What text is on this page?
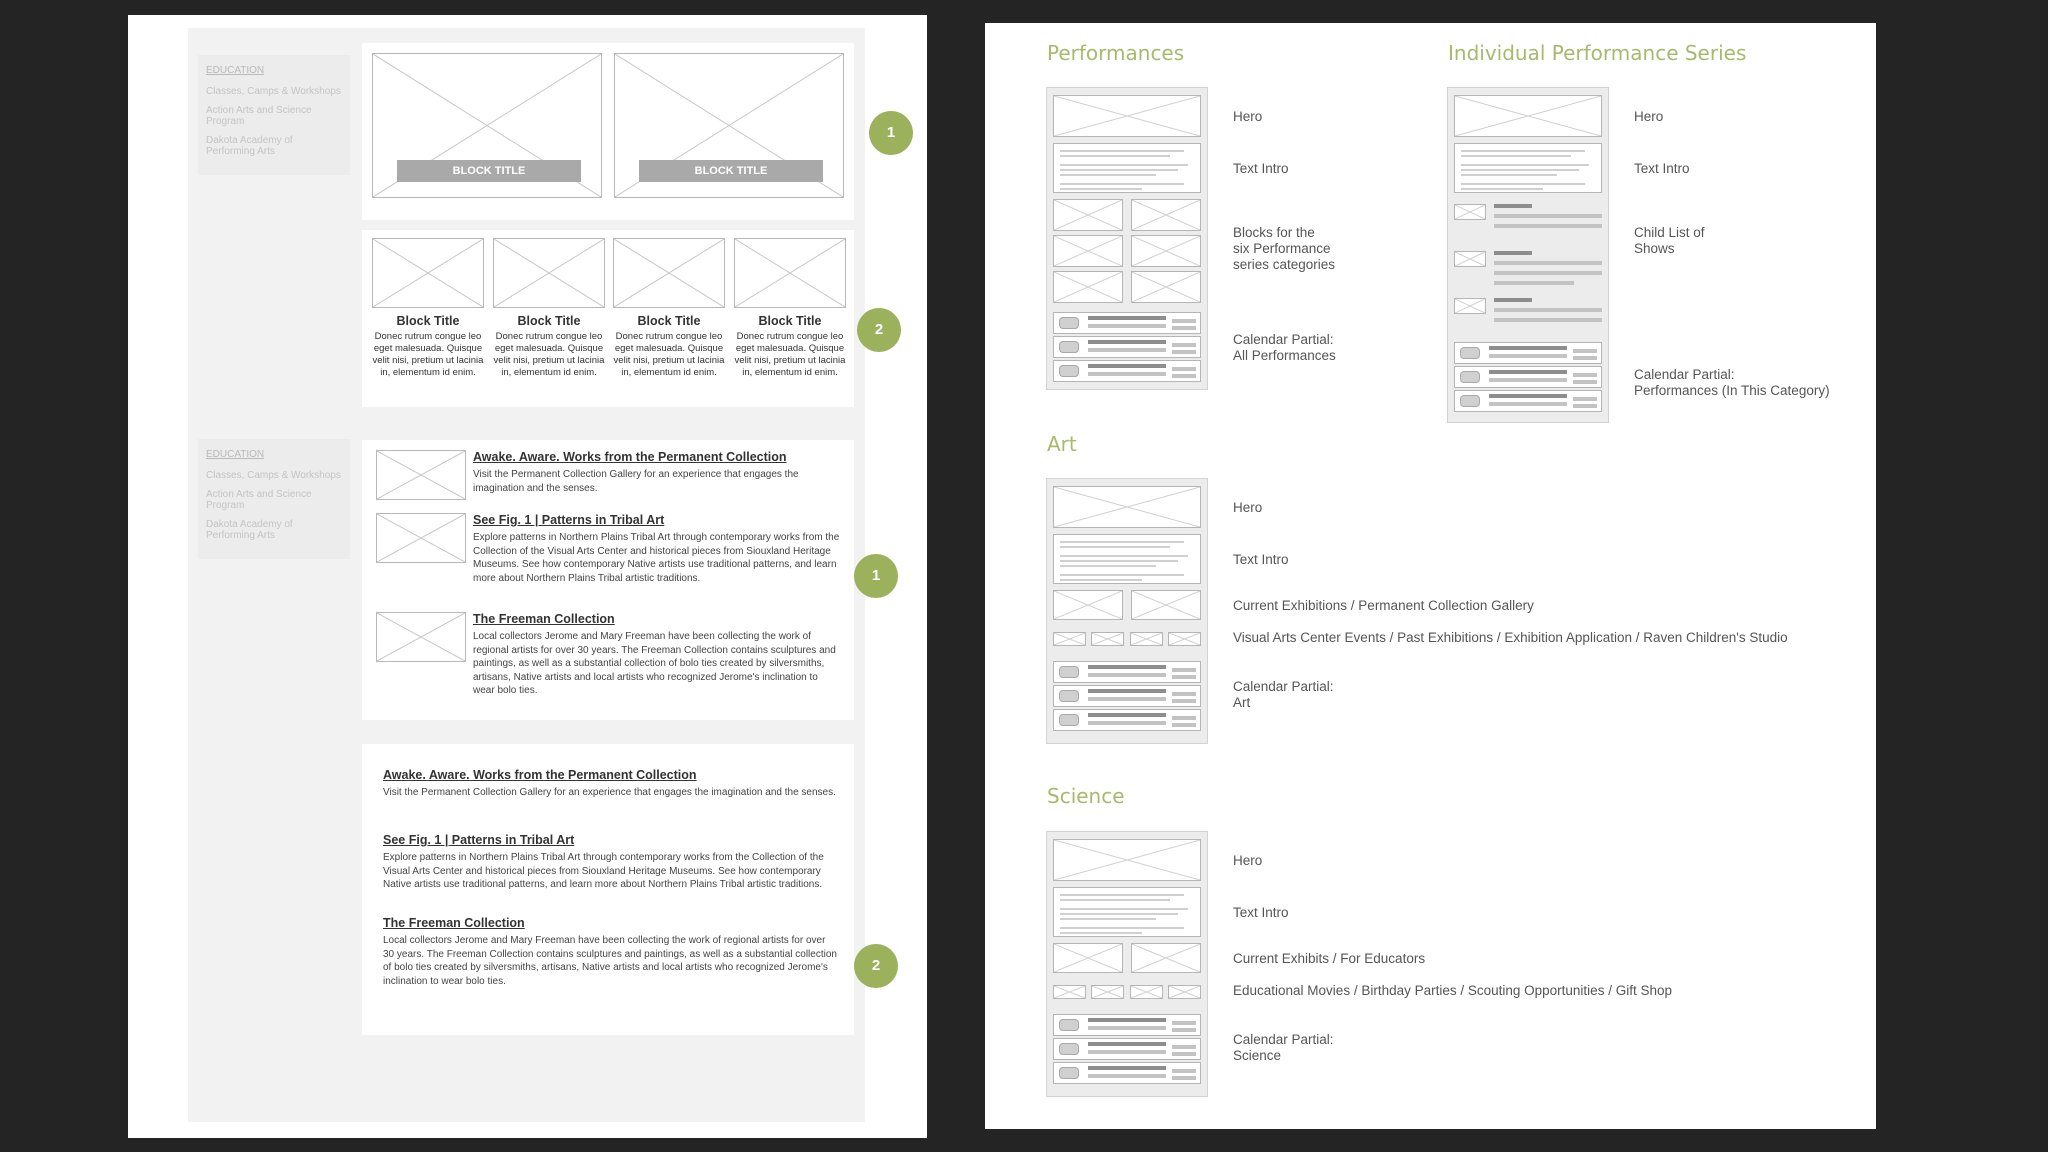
EDUCATION
Classes, Camps & Workshops
Action Arts and Science Program
Dakota Academy of Performing Arts
BLOCK TITLE	BLOCK TITLE
Block Title
Donec rutrum congue leo eget malesuada. Quisque velit nisi, pretium ut lacinia in, elementum id enim.
Block Title
Donec rutrum congue leo eget malesuada. Quisque velit nisi, pretium ut lacinia in, elementum id enim.
Block Title
Donec rutrum congue leo eget malesuada. Quisque velit nisi, pretium ut lacinia in, elementum id enim.
Block Title
Donec rutrum congue leo eget malesuada. Quisque velit nisi, pretium ut lacinia in, elementum id enim.
EDUCATION
Classes, Camps & Workshops
Action Arts and Science Program
Dakota Academy of Performing Arts
Awake. Aware. Works from the Permanent Collection
Visit the Permanent Collection Gallery for an experience that engages the imagination and the senses.
See Fig. 1 | Patterns in Tribal Art
Explore patterns in Northern Plains Tribal Art through contemporary works from the Collection of the Visual Arts Center and historical pieces from Siouxland Heritage Museums. See how contemporary Native artists use traditional patterns, and learn more about Northern Plains Tribal artistic traditions.
The Freeman Collection
Local collectors Jerome and Mary Freeman have been collecting the work of regional artists for over 30 years. The Freeman Collection contains sculptures and paintings, as well as a substantial collection of bolo ties created by silversmiths, artisans, Native artists and local artists who recognized Jerome's inclination to wear bolo ties.
Awake. Aware. Works from the Permanent Collection
Visit the Permanent Collection Gallery for an experience that engages the imagination and the senses.
See Fig. 1 | Patterns in Tribal Art
Explore patterns in Northern Plains Tribal Art through contemporary works from the Collection of the Visual Arts Center and historical pieces from Siouxland Heritage Museums. See how contemporary Native artists use traditional patterns, and learn more about Northern Plains Tribal artistic traditions.
The Freeman Collection
Local collectors Jerome and Mary Freeman have been collecting the work of regional artists for over 30 years. The Freeman Collection contains sculptures and paintings, as well as a substantial collection of bolo ties created by silversmiths, artisans, Native artists and local artists who recognized Jerome's inclination to wear bolo ties.
1
2
1
2
Performances
Hero
Text Intro
Blocks for the
six Performance
series categories
Calendar Partial:
All Performances
Individual Performance Series
Hero
Text Intro
Child List of
Shows
Calendar Partial:
Performances (In This Category)
Art
Hero
Text Intro
Current Exhibitions / Permanent Collection Gallery
Visual Arts Center Events / Past Exhibitions / Exhibition Application / Raven Children's Studio
Calendar Partial:
Art
Science
Hero
Text Intro
Current Exhibits / For Educators
Educational Movies / Birthday Parties / Scouting Opportunities / Gift Shop
Calendar Partial:
Science
